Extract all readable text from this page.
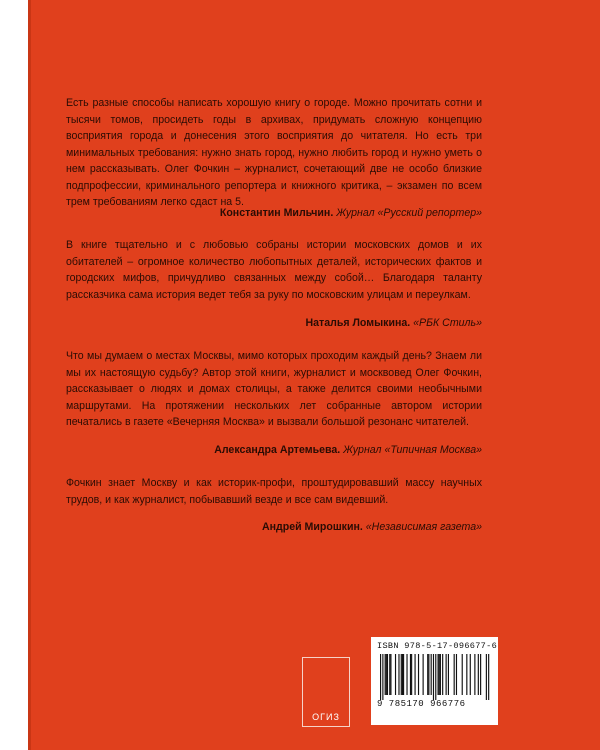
Есть разные способы написать хорошую книгу о городе. Можно прочитать сотни и тысячи томов, просидеть годы в архивах, придумать сложную концепцию восприятия города и донесения этого восприятия до читателя. Но есть три минимальных требования: нужно знать город, нужно любить город и нужно уметь о нем рассказывать. Олег Фочкин – журналист, сочетающий две не особо близкие подпрофессии, криминального репортера и книжного критика, – экзамен по всем трем требованиям легко сдаст на 5.

Константин Мильчин. Журнал «Русский репортер»

В книге тщательно и с любовью собраны истории московских домов и их обитателей – огромное количество любопытных деталей, исторических фактов и городских мифов, причудливо связанных между собой… Благодаря таланту рассказчика сама история ведет тебя за руку по московским улицам и переулкам.

Наталья Ломыкина. «РБК Стиль»

Что мы думаем о местах Москвы, мимо которых проходим каждый день? Знаем ли мы их настоящую судьбу? Автор этой книги, журналист и москвовед Олег Фочкин, рассказывает о людях и домах столицы, а также делится своими необычными маршрутами. На протяжении нескольких лет собранные автором истории печатались в газете «Вечерняя Москва» и вызвали большой резонанс читателей.

Александра Артемьева. Журнал «Типичная Москва»

Фочкин знает Москву и как историк-профи, проштудировавший массу научных трудов, и как журналист, побывавший везде и все сам видевший.

Андрей Мирошкин. «Независимая газета»

ОГИЗ
ISBN 978-5-17-096677-6
9 785170 966776
